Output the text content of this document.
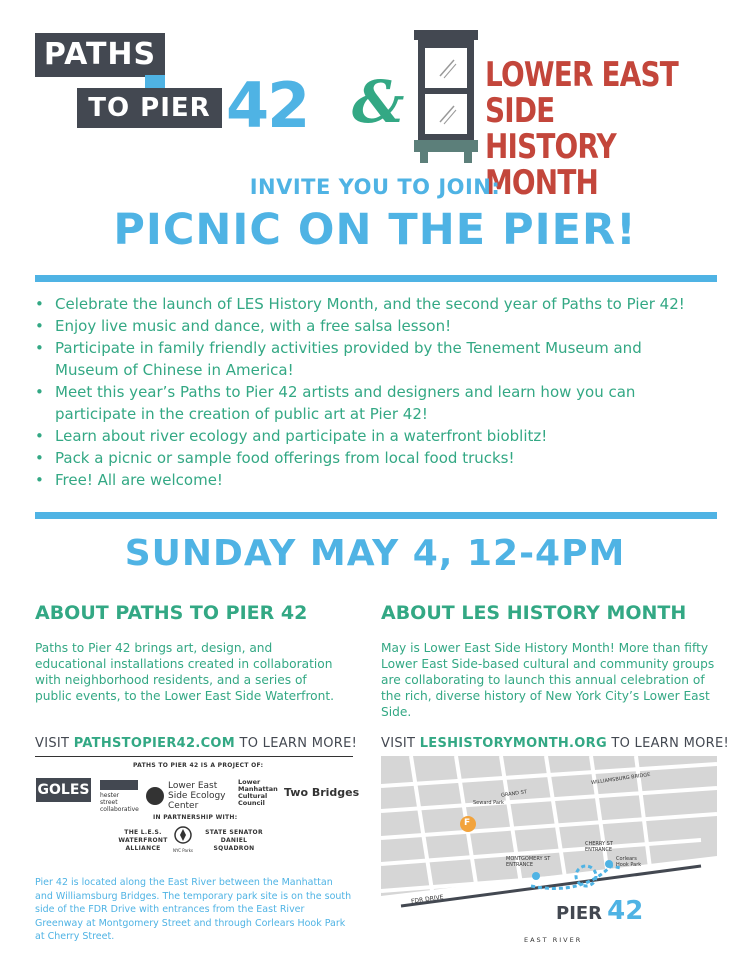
PATHS
TO PIER 42 & LOWER EAST SIDE
HISTORY MONTH
INVITE YOU TO JOIN:
PICNIC ON THE PIER!
• Celebrate the launch of LES History Month, and the second year of Paths to Pier 42!
• Enjoy live music and dance, with a free salsa lesson!
• Participate in family friendly activities provided by the Tenement Museum and Museum of Chinese in America!
• Meet this year’s Paths to Pier 42 artists and designers and learn how you can participate in the creation of public art at Pier 42!
• Learn about river ecology and participate in a waterfront bioblitz!
• Pack a picnic or sample food offerings from local food trucks!
• Free! All are welcome!
SUNDAY MAY 4, 12-4PM
ABOUT PATHS TO PIER 42
Paths to Pier 42 brings art, design, and educational installations created in collaboration with neighborhood residents, and a series of public events, to the Lower East Side Waterfront.
VISIT PATHSTOPIER42.COM TO LEARN MORE!
ABOUT LES HISTORY MONTH
May is Lower East Side History Month! More than fifty Lower East Side-based cultural and community groups are collaborating to launch this annual celebration of the rich, diverse history of New York City’s Lower East Side.
VISIT LESHISTORYMONTH.ORG TO LEARN MORE!
PATHS TO PIER 42 IS A PROJECT OF:
GOLES hester street collaborative
Lower East Side Ecology Center
Lower Manhattan Cultural Council
Two Bridges
IN PARTNERSHIP WITH:
THE L.E.S. WATERFRONT ALLIANCE	NYC Parks
STATE SENATOR DANIEL SQUADRON
Pier 42 is located along the East River between the Manhattan and Williamsburg Bridges. The temporary park site is on the south side of the FDR Drive with entrances from the East River Greenway at Montgomery Street and through Corlears Hook Park at Cherry Street.
F
WILLIAMSBURG BRIDGE
GRAND ST
Seward Park
MONTGOMERY ST ENTRANCE
CHERRY ST ENTRANCE
Corlears Hook Park
FDR DRIVE
PIER 42
EAST RIVER
